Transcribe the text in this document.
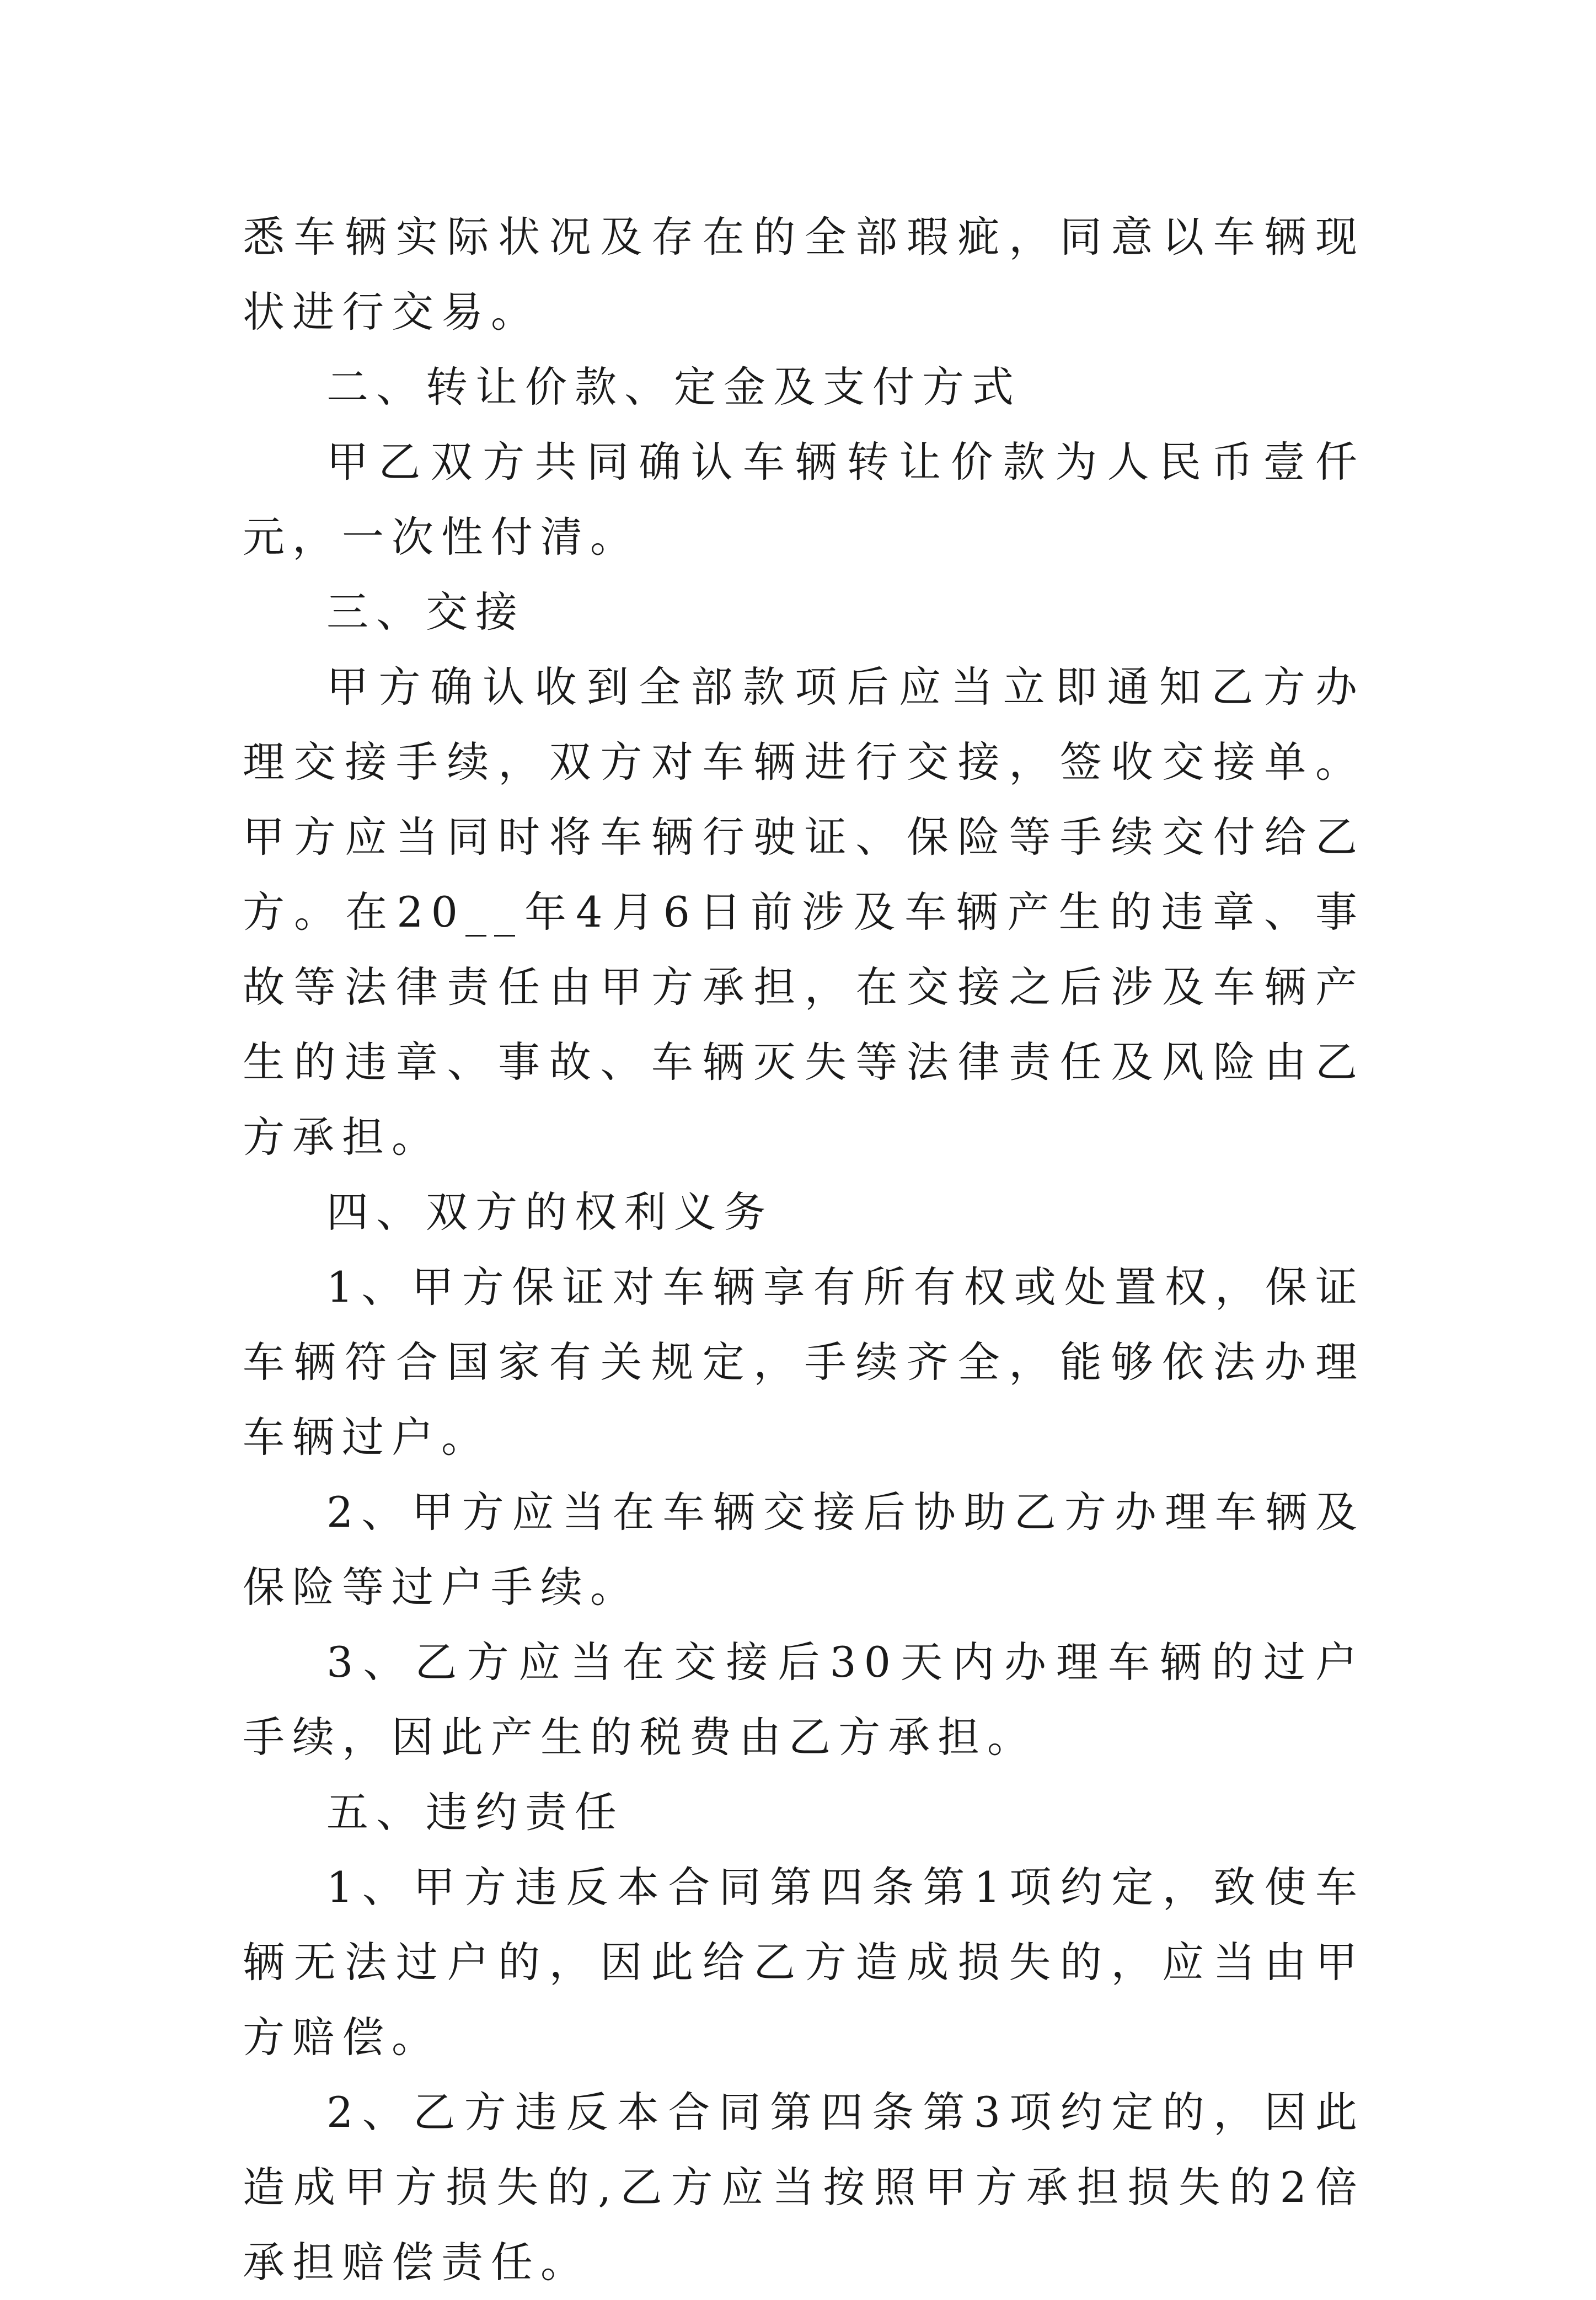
悉车辆实际状况及存在的全部瑕疵，同意以车辆现状进行交易。

二、转让价款、定金及支付方式

甲乙双方共同确认车辆转让价款为人民币壹仟元，一次性付清。

三、交接

甲方确认收到全部款项后应当立即通知乙方办理交接手续，双方对车辆进行交接，签收交接单。甲方应当同时将车辆行驶证、保险等手续交付给乙方。在20__年4月6日前涉及车辆产生的违章、事故等法律责任由甲方承担，在交接之后涉及车辆产生的违章、事故、车辆灭失等法律责任及风险由乙方承担。

四、双方的权利义务

1、甲方保证对车辆享有所有权或处置权，保证车辆符合国家有关规定，手续齐全，能够依法办理车辆过户。

2、甲方应当在车辆交接后协助乙方办理车辆及保险等过户手续。

3、乙方应当在交接后30天内办理车辆的过户手续，因此产生的税费由乙方承担。

五、违约责任

1、甲方违反本合同第四条第1项约定，致使车辆无法过户的，因此给乙方造成损失的，应当由甲方赔偿。

2、乙方违反本合同第四条第3项约定的，因此造成甲方损失的,乙方应当按照甲方承担损失的2倍承担赔偿责任。
